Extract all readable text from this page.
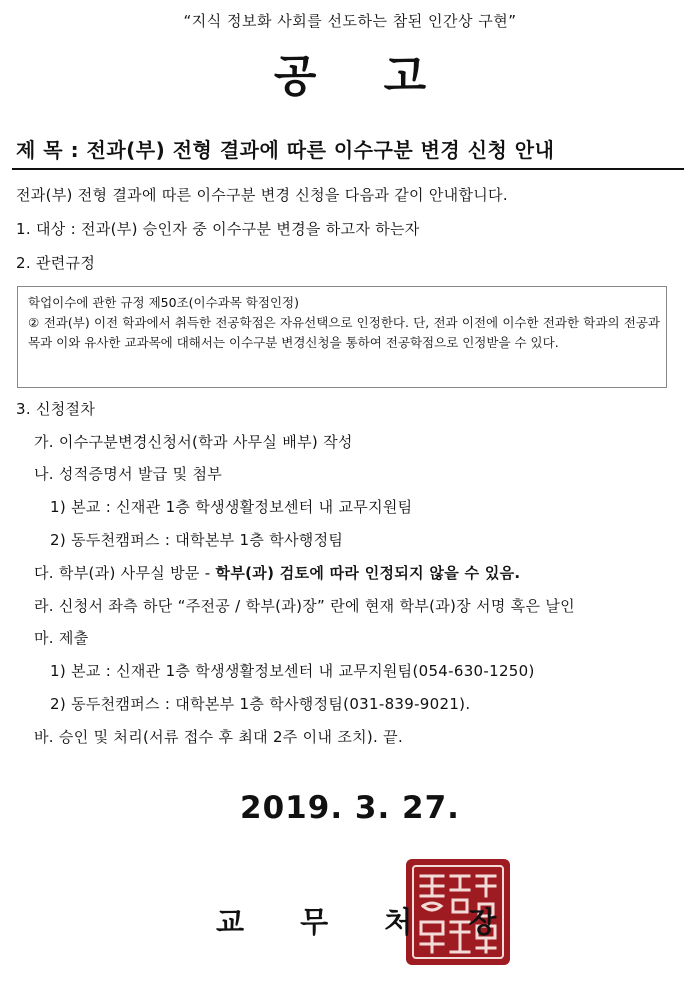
“지식 정보화 사회를 선도하는 참된 인간상 구현”
공 고
제 목 : 전과(부) 전형 결과에 따른 이수구분 변경 신청 안내
전과(부) 전형 결과에 따른 이수구분 변경 신청을 다음과 같이 안내합니다.
1. 대상 : 전과(부) 승인자 중 이수구분 변경을 하고자 하는자
2. 관련규정
학업이수에 관한 규정 제50조(이수과목 학점인정)
② 전과(부) 이전 학과에서 취득한 전공학점은 자유선택으로 인정한다. 단, 전과 이전에 이수한 전과한 학과의 전공과목과 이와 유사한 교과목에 대해서는 이수구분 변경신청을 통하여 전공학점으로 인정받을 수 있다.
3. 신청절차
가. 이수구분변경신청서(학과 사무실 배부) 작성
나. 성적증명서 발급 및 첨부
1) 본교 : 신재관 1층 학생생활정보센터 내 교무지원팀
2) 동두천캠퍼스 : 대학본부 1층 학사행정팀
다. 학부(과) 사무실 방문 - 학부(과) 검토에 따라 인정되지 않을 수 있음.
라. 신청서 좌측 하단 “주전공 / 학부(과)장” 란에 현재 학부(과)장 서명 혹은 날인
마. 제출
1) 본교 : 신재관 1층 학생생활정보센터 내 교무지원팀(054-630-1250)
2) 동두천캠퍼스 : 대학본부 1층 학사행정팀(031-839-9021).
바. 승인 및 처리(서류 접수 후 최대 2주 이내 조치). 끝.
2019. 3. 27.
교 무 처 장
